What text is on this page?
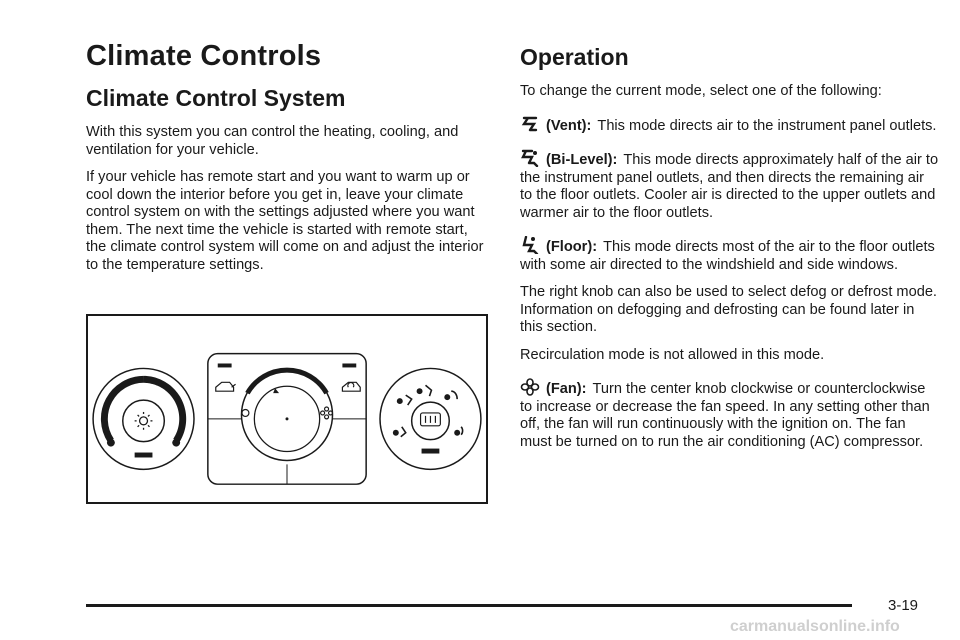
Climate Controls
Climate Control System

With this system you can control the heating, cooling, and ventilation for your vehicle.

If your vehicle has remote start and you want to warm up or cool down the interior before you get in, leave your climate control system on with the settings adjusted where you want them. The next time the vehicle is started with remote start, the climate control system will come on and adjust the interior to the temperature settings.

Operation

To change the current mode, select one of the following:

(Vent): This mode directs air to the instrument panel outlets.

(Bi-Level): This mode directs approximately half of the air to the instrument panel outlets, and then directs the remaining air to the floor outlets. Cooler air is directed to the upper outlets and warmer air to the floor outlets.

(Floor): This mode directs most of the air to the floor outlets with some air directed to the windshield and side windows.

The right knob can also be used to select defog or defrost mode. Information on defogging and defrosting can be found later in this section.

Recirculation mode is not allowed in this mode.

(Fan): Turn the center knob clockwise or counterclockwise to increase or decrease the fan speed. In any setting other than off, the fan will run continuously with the ignition on. The fan must be turned on to run the air conditioning (AC) compressor.

3-19
carmanualsonline.info
